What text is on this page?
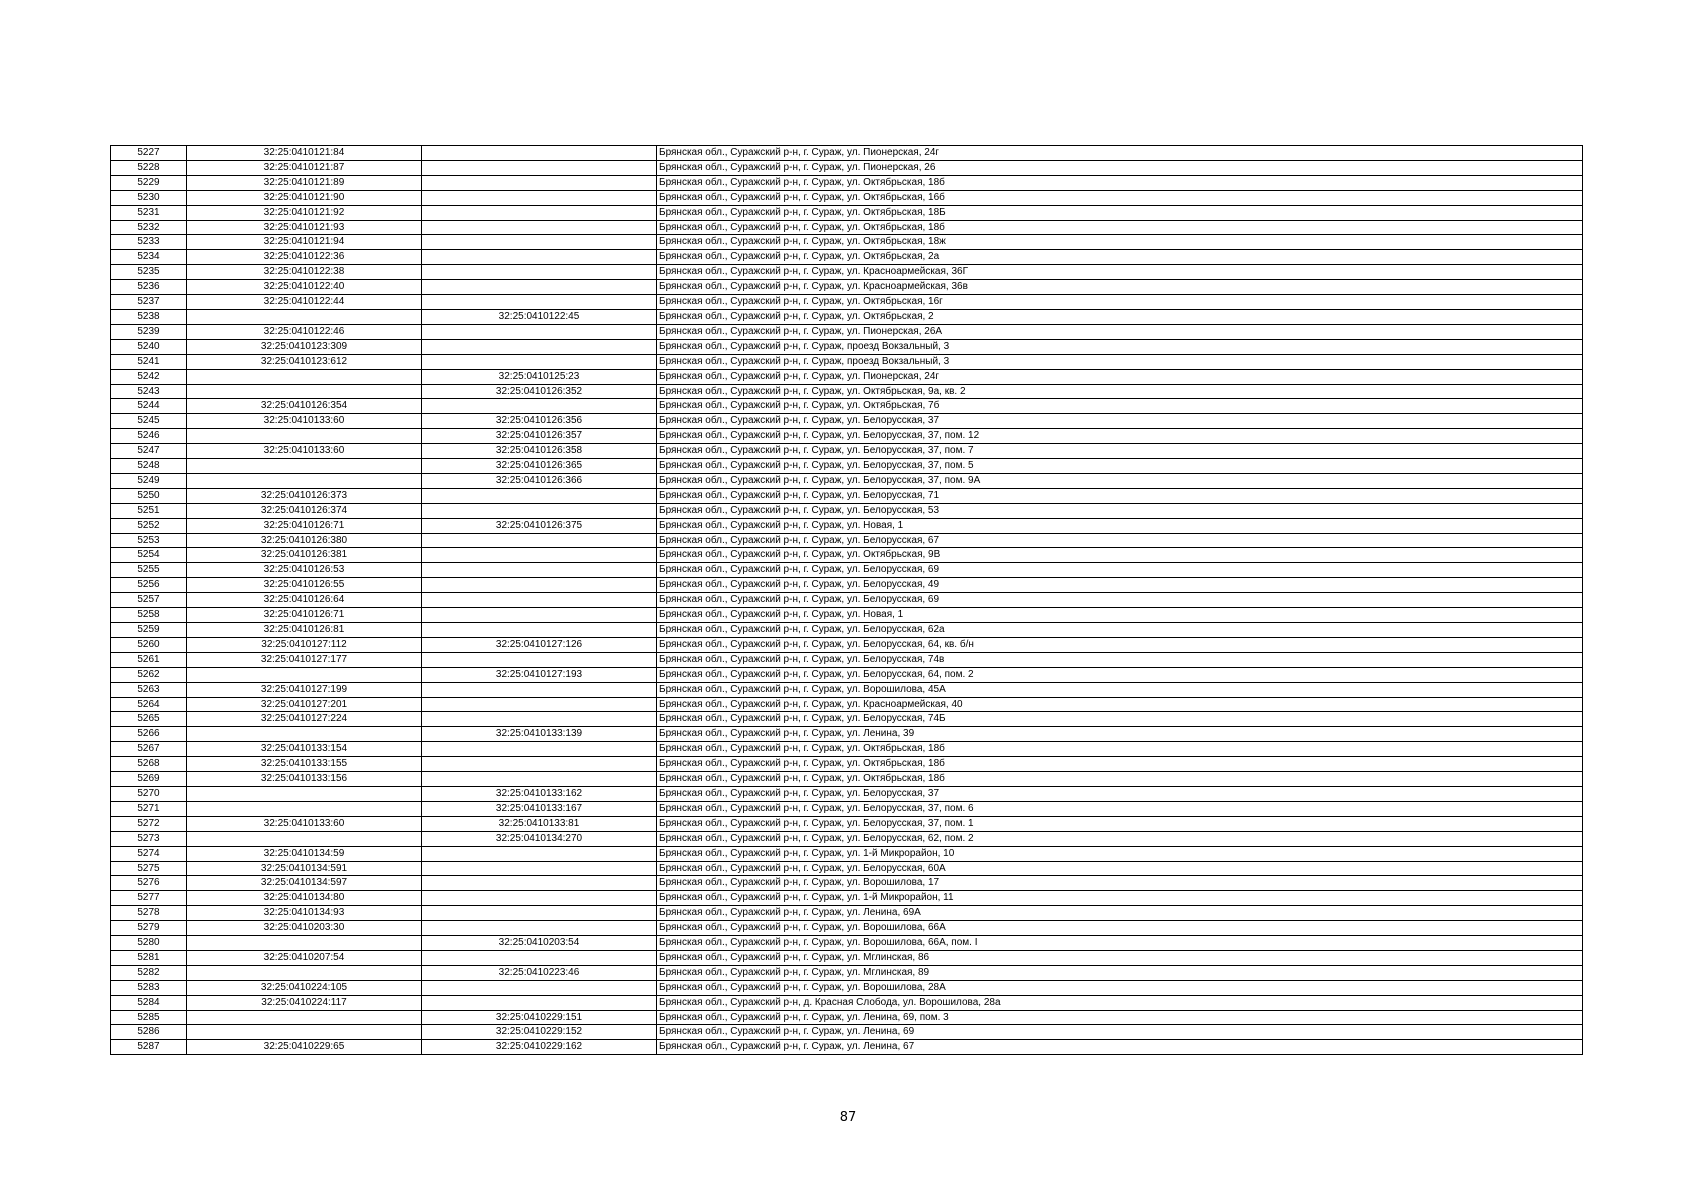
5227	32:25:0410121:84		Брянская обл., Суражский р-н, г. Сураж, ул. Пионерская, 24г
5228	32:25:0410121:87		Брянская обл., Суражский р-н, г. Сураж, ул. Пионерская, 26
5229	32:25:0410121:89		Брянская обл., Суражский р-н, г. Сураж, ул. Октябрьская, 18б
5230	32:25:0410121:90		Брянская обл., Суражский р-н, г. Сураж, ул. Октябрьская, 16б
5231	32:25:0410121:92		Брянская обл., Суражский р-н, г. Сураж, ул. Октябрьская, 18Б
5232	32:25:0410121:93		Брянская обл., Суражский р-н, г. Сураж, ул. Октябрьская, 18б
5233	32:25:0410121:94		Брянская обл., Суражский р-н, г. Сураж, ул. Октябрьская, 18ж
5234	32:25:0410122:36		Брянская обл., Суражский р-н, г. Сураж, ул. Октябрьская, 2а
5235	32:25:0410122:38		Брянская обл., Суражский р-н, г. Сураж, ул. Красноармейская, 36Г
5236	32:25:0410122:40		Брянская обл., Суражский р-н, г. Сураж, ул. Красноармейская, 36в
5237	32:25:0410122:44		Брянская обл., Суражский р-н, г. Сураж, ул. Октябрьская, 16г
5238		32:25:0410122:45	Брянская обл., Суражский р-н, г. Сураж, ул. Октябрьская, 2
5239	32:25:0410122:46		Брянская обл., Суражский р-н, г. Сураж, ул. Пионерская, 26А
5240	32:25:0410123:309		Брянская обл., Суражский р-н, г. Сураж, проезд Вокзальный, 3
5241	32:25:0410123:612		Брянская обл., Суражский р-н, г. Сураж, проезд Вокзальный, 3
5242		32:25:0410125:23	Брянская обл., Суражский р-н, г. Сураж, ул. Пионерская, 24г
5243		32:25:0410126:352	Брянская обл., Суражский р-н, г. Сураж, ул. Октябрьская, 9а, кв. 2
5244	32:25:0410126:354		Брянская обл., Суражский р-н, г. Сураж, ул. Октябрьская, 7б
5245	32:25:0410133:60	32:25:0410126:356	Брянская обл., Суражский р-н, г. Сураж, ул. Белорусская, 37
5246		32:25:0410126:357	Брянская обл., Суражский р-н, г. Сураж, ул. Белорусская, 37, пом. 12
5247	32:25:0410133:60	32:25:0410126:358	Брянская обл., Суражский р-н, г. Сураж, ул. Белорусская, 37, пом. 7
5248		32:25:0410126:365	Брянская обл., Суражский р-н, г. Сураж, ул. Белорусская, 37, пом. 5
5249		32:25:0410126:366	Брянская обл., Суражский р-н, г. Сураж, ул. Белорусская, 37, пом. 9А
5250	32:25:0410126:373		Брянская обл., Суражский р-н, г. Сураж, ул. Белорусская, 71
5251	32:25:0410126:374		Брянская обл., Суражский р-н, г. Сураж, ул. Белорусская, 53
5252	32:25:0410126:71	32:25:0410126:375	Брянская обл., Суражский р-н, г. Сураж, ул. Новая, 1
5253	32:25:0410126:380		Брянская обл., Суражский р-н, г. Сураж, ул. Белорусская, 67
5254	32:25:0410126:381		Брянская обл., Суражский р-н, г. Сураж, ул. Октябрьская, 9В
5255	32:25:0410126:53		Брянская обл., Суражский р-н, г. Сураж, ул. Белорусская, 69
5256	32:25:0410126:55		Брянская обл., Суражский р-н, г. Сураж, ул. Белорусская, 49
5257	32:25:0410126:64		Брянская обл., Суражский р-н, г. Сураж, ул. Белорусская, 69
5258	32:25:0410126:71		Брянская обл., Суражский р-н, г. Сураж, ул. Новая, 1
5259	32:25:0410126:81		Брянская обл., Суражский р-н, г. Сураж, ул. Белорусская, 62а
5260	32:25:0410127:112	32:25:0410127:126	Брянская обл., Суражский р-н, г. Сураж, ул. Белорусская, 64, кв. б/н
5261	32:25:0410127:177		Брянская обл., Суражский р-н, г. Сураж, ул. Белорусская, 74в
5262		32:25:0410127:193	Брянская обл., Суражский р-н, г. Сураж, ул. Белорусская, 64, пом. 2
5263	32:25:0410127:199		Брянская обл., Суражский р-н, г. Сураж, ул. Ворошилова, 45А
5264	32:25:0410127:201		Брянская обл., Суражский р-н, г. Сураж, ул. Красноармейская, 40
5265	32:25:0410127:224		Брянская обл., Суражский р-н, г. Сураж, ул. Белорусская, 74Б
5266		32:25:0410133:139	Брянская обл., Суражский р-н, г. Сураж, ул. Ленина, 39
5267	32:25:0410133:154		Брянская обл., Суражский р-н, г. Сураж, ул. Октябрьская, 18б
5268	32:25:0410133:155		Брянская обл., Суражский р-н, г. Сураж, ул. Октябрьская, 18б
5269	32:25:0410133:156		Брянская обл., Суражский р-н, г. Сураж, ул. Октябрьская, 18б
5270		32:25:0410133:162	Брянская обл., Суражский р-н, г. Сураж, ул. Белорусская, 37
5271		32:25:0410133:167	Брянская обл., Суражский р-н, г. Сураж, ул. Белорусская, 37, пом. 6
5272	32:25:0410133:60	32:25:0410133:81	Брянская обл., Суражский р-н, г. Сураж, ул. Белорусская, 37, пом. 1
5273		32:25:0410134:270	Брянская обл., Суражский р-н, г. Сураж, ул. Белорусская, 62, пом. 2
5274	32:25:0410134:59		Брянская обл., Суражский р-н, г. Сураж, ул. 1-й Микрорайон, 10
5275	32:25:0410134:591		Брянская обл., Суражский р-н, г. Сураж, ул. Белорусская, 60А
5276	32:25:0410134:597		Брянская обл., Суражский р-н, г. Сураж, ул. Ворошилова, 17
5277	32:25:0410134:80		Брянская обл., Суражский р-н, г. Сураж, ул. 1-й Микрорайон, 11
5278	32:25:0410134:93		Брянская обл., Суражский р-н, г. Сураж, ул. Ленина, 69А
5279	32:25:0410203:30		Брянская обл., Суражский р-н, г. Сураж, ул. Ворошилова, 66А
5280		32:25:0410203:54	Брянская обл., Суражский р-н, г. Сураж, ул. Ворошилова, 66А, пом. I
5281	32:25:0410207:54		Брянская обл., Суражский р-н, г. Сураж, ул. Мглинская, 86
5282		32:25:0410223:46	Брянская обл., Суражский р-н, г. Сураж, ул. Мглинская, 89
5283	32:25:0410224:105		Брянская обл., Суражский р-н, г. Сураж, ул. Ворошилова, 28А
5284	32:25:0410224:117		Брянская обл., Суражский р-н, д. Красная Слобода, ул. Ворошилова, 28а
5285		32:25:0410229:151	Брянская обл., Суражский р-н, г. Сураж, ул. Ленина, 69, пом. 3
5286		32:25:0410229:152	Брянская обл., Суражский р-н, г. Сураж, ул. Ленина, 69
5287	32:25:0410229:65	32:25:0410229:162	Брянская обл., Суражский р-н, г. Сураж, ул. Ленина, 67
87
